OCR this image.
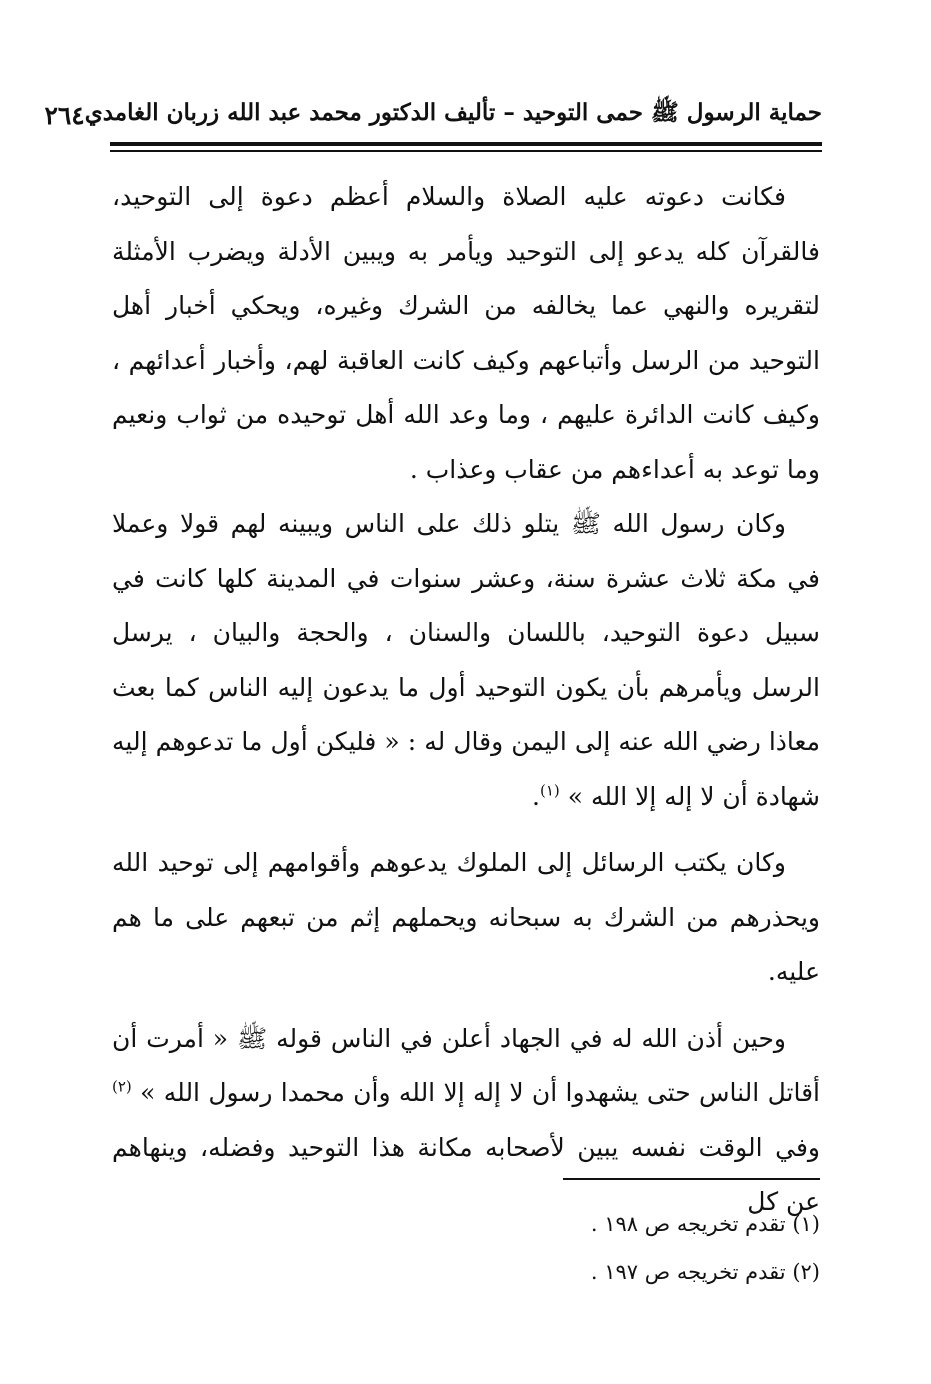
حماية الرسول ﷺ حمى التوحيد – تأليف الدكتور محمد عبد الله زربان الغامدي
٢٦٤

فكانت دعوته عليه الصلاة والسلام أعظم دعوة إلى التوحيد، فالقرآن كله يدعو إلى التوحيد ويأمر به ويبين الأدلة ويضرب الأمثلة لتقريره والنهي عما يخالفه من الشرك وغيره، ويحكي أخبار أهل التوحيد من الرسل وأتباعهم وكيف كانت العاقبة لهم، وأخبار أعدائهم ، وكيف كانت الدائرة عليهم ، وما وعد الله أهل توحيده من ثواب ونعيم وما توعد به أعداءهم من عقاب وعذاب .

وكان رسول الله ﷺ يتلو ذلك على الناس ويبينه لهم قولا وعملا في مكة ثلاث عشرة سنة، وعشر سنوات في المدينة كلها كانت في سبيل دعوة التوحيد، باللسان والسنان ، والحجة والبيان ، يرسل الرسل ويأمرهم بأن يكون التوحيد أول ما يدعون إليه الناس كما بعث معاذا رضي الله عنه إلى اليمن وقال له : « فليكن أول ما تدعوهم إليه شهادة أن لا إله إلا الله » $^{(١)}$.

وكان يكتب الرسائل إلى الملوك يدعوهم وأقوامهم إلى توحيد الله ويحذرهم من الشرك به سبحانه ويحملهم إثم من تبعهم على ما هم عليه.

وحين أذن الله له في الجهاد أعلن في الناس قوله ﷺ « أمرت أن أقاتل الناس حتى يشهدوا أن لا إله إلا الله وأن محمدا رسول الله » $^{(٢)}$ وفي الوقت نفسه يبين لأصحابه مكانة هذا التوحيد وفضله، وينهاهم عن كل

(١) تقدم تخريجه ص ١٩٨ .
(٢) تقدم تخريجه ص ١٩٧ .
